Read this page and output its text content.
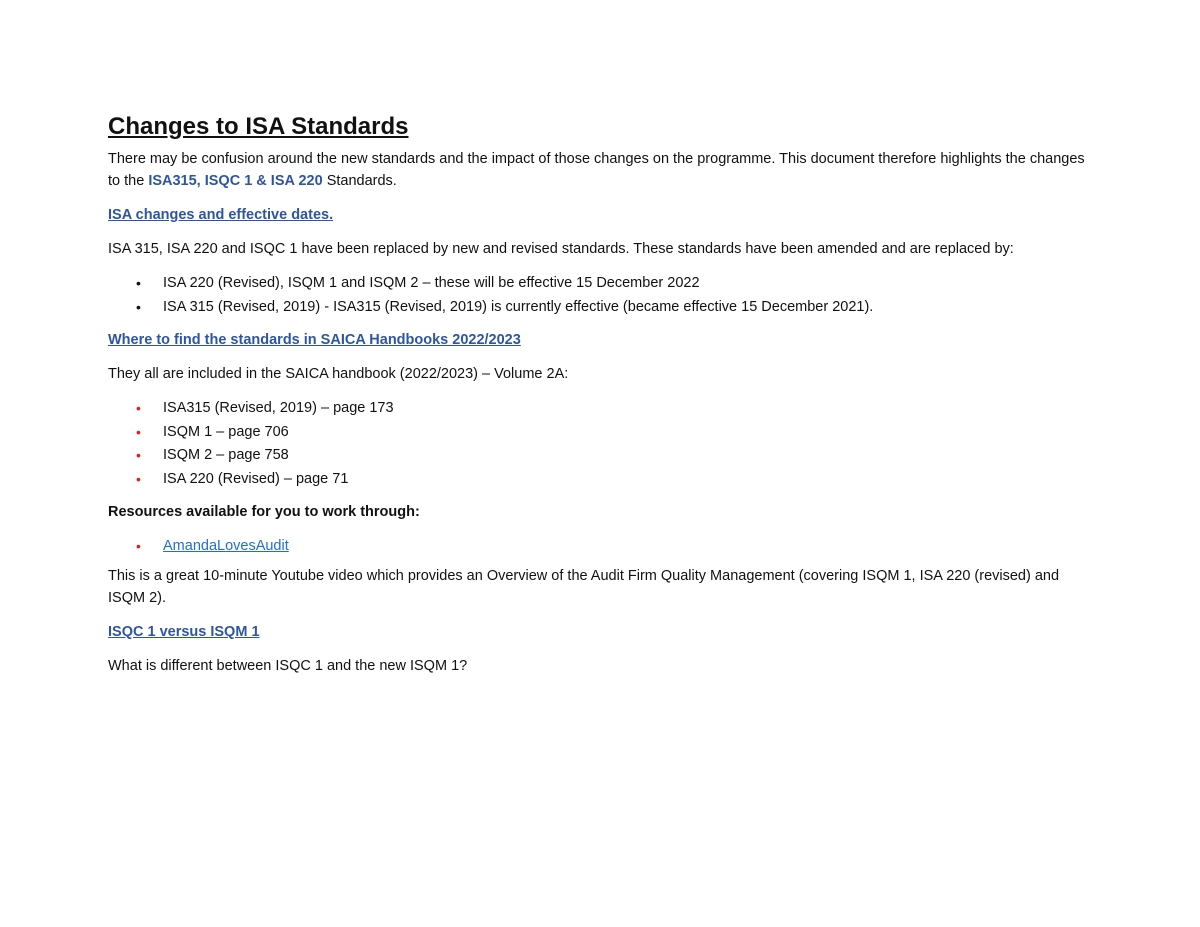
Changes to ISA Standards

There may be confusion around the new standards and the impact of those changes on the programme. This document therefore highlights the changes to the ISA315, ISQC 1 & ISA 220 Standards.

ISA changes and effective dates.

ISA 315, ISA 220 and ISQC 1 have been replaced by new and revised standards. These standards have been amended and are replaced by:

• ISA 220 (Revised), ISQM 1 and ISQM 2 – these will be effective 15 December 2022
• ISA 315 (Revised, 2019) - ISA315 (Revised, 2019) is currently effective (became effective 15 December 2021).
Where to find the standards in SAICA Handbooks 2022/2023

They all are included in the SAICA handbook (2022/2023) – Volume 2A:

• ISA315 (Revised, 2019) – page 173
• ISQM 1 – page 706
• ISQM 2 – page 758
• ISA 220 (Revised) – page 71

Resources available for you to work through:

• AmandaLovesAudit

This is a great 10-minute Youtube video which provides an Overview of the Audit Firm Quality Management (covering ISQM 1, ISA 220 (revised) and ISQM 2).

ISQC 1 versus ISQM 1

What is different between ISQC 1 and the new ISQM 1?
